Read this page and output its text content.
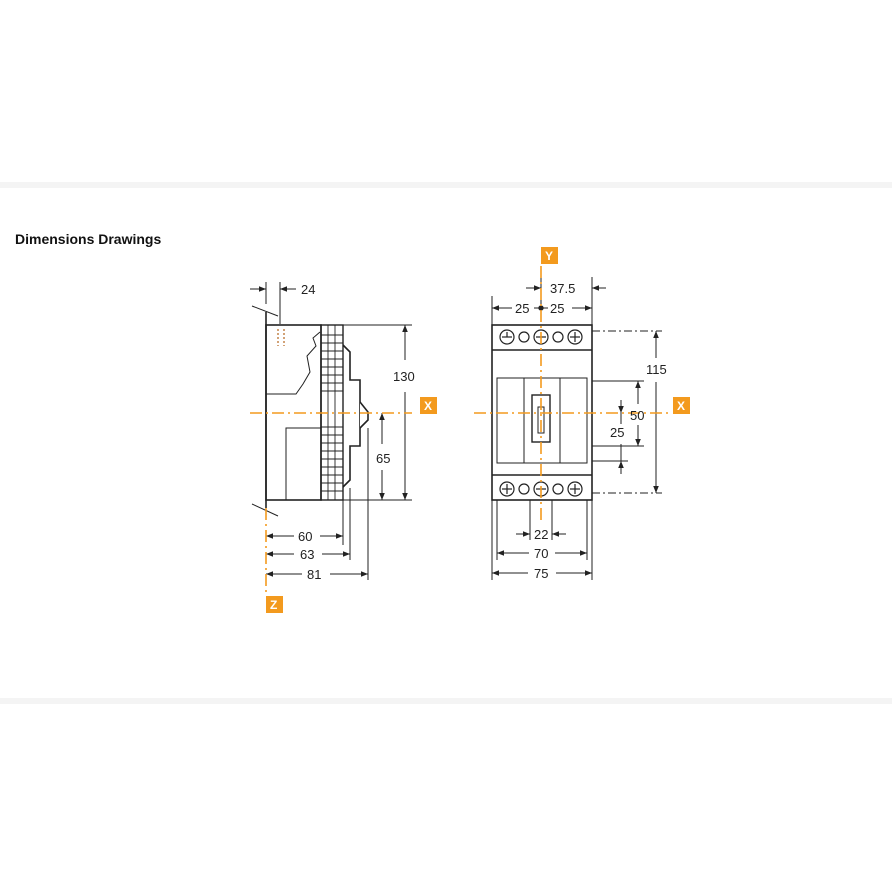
Dimensions Drawings
24
130
65
60
63
81
X
Z
37.5
25 25
115
50
25
22
70
75
Y
X
